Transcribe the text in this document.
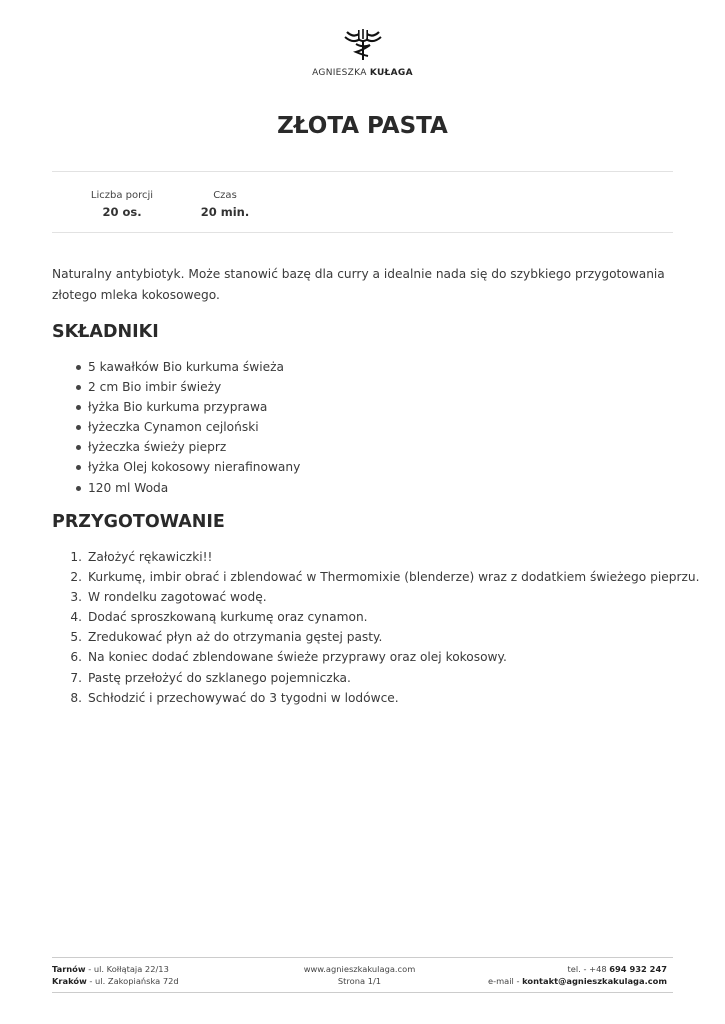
AGNIESZKA KUŁAGA
ZŁOTA PASTA
Liczba porcji
20 os.
Czas
20 min.

Naturalny antybiotyk. Może stanowić bazę dla curry a idealnie nada się do szybkiego przygotowania złotego mleka kokosowego.

SKŁADNIKI
5 kawałków Bio kurkuma świeża
2 cm Bio imbir świeży
łyżka Bio kurkuma przyprawa
łyżeczka Cynamon cejloński
łyżeczka świeży pieprz
łyżka Olej kokosowy nierafinowany
120 ml Woda
PRZYGOTOWANIE
1. Założyć rękawiczki!!
2. Kurkumę, imbir obrać i zblendować w Thermomixie (blenderze) wraz z dodatkiem świeżego pieprzu.
3. W rondelku zagotować wodę.
4. Dodać sproszkowaną kurkumę oraz cynamon.
5. Zredukować płyn aż do otrzymania gęstej pasty.
6. Na koniec dodać zblendowane świeże przyprawy oraz olej kokosowy.
7. Pastę przełożyć do szklanego pojemniczka.
8. Schłodzić i przechowywać do 3 tygodni w lodówce.
Tarnów - ul. Kołłątaja 22/13
Kraków - ul. Zakopiańska 72d
www.agnieszkakulaga.com
Strona 1/1
tel. - +48 694 932 247
e-mail - kontakt@agnieszkakulaga.com
